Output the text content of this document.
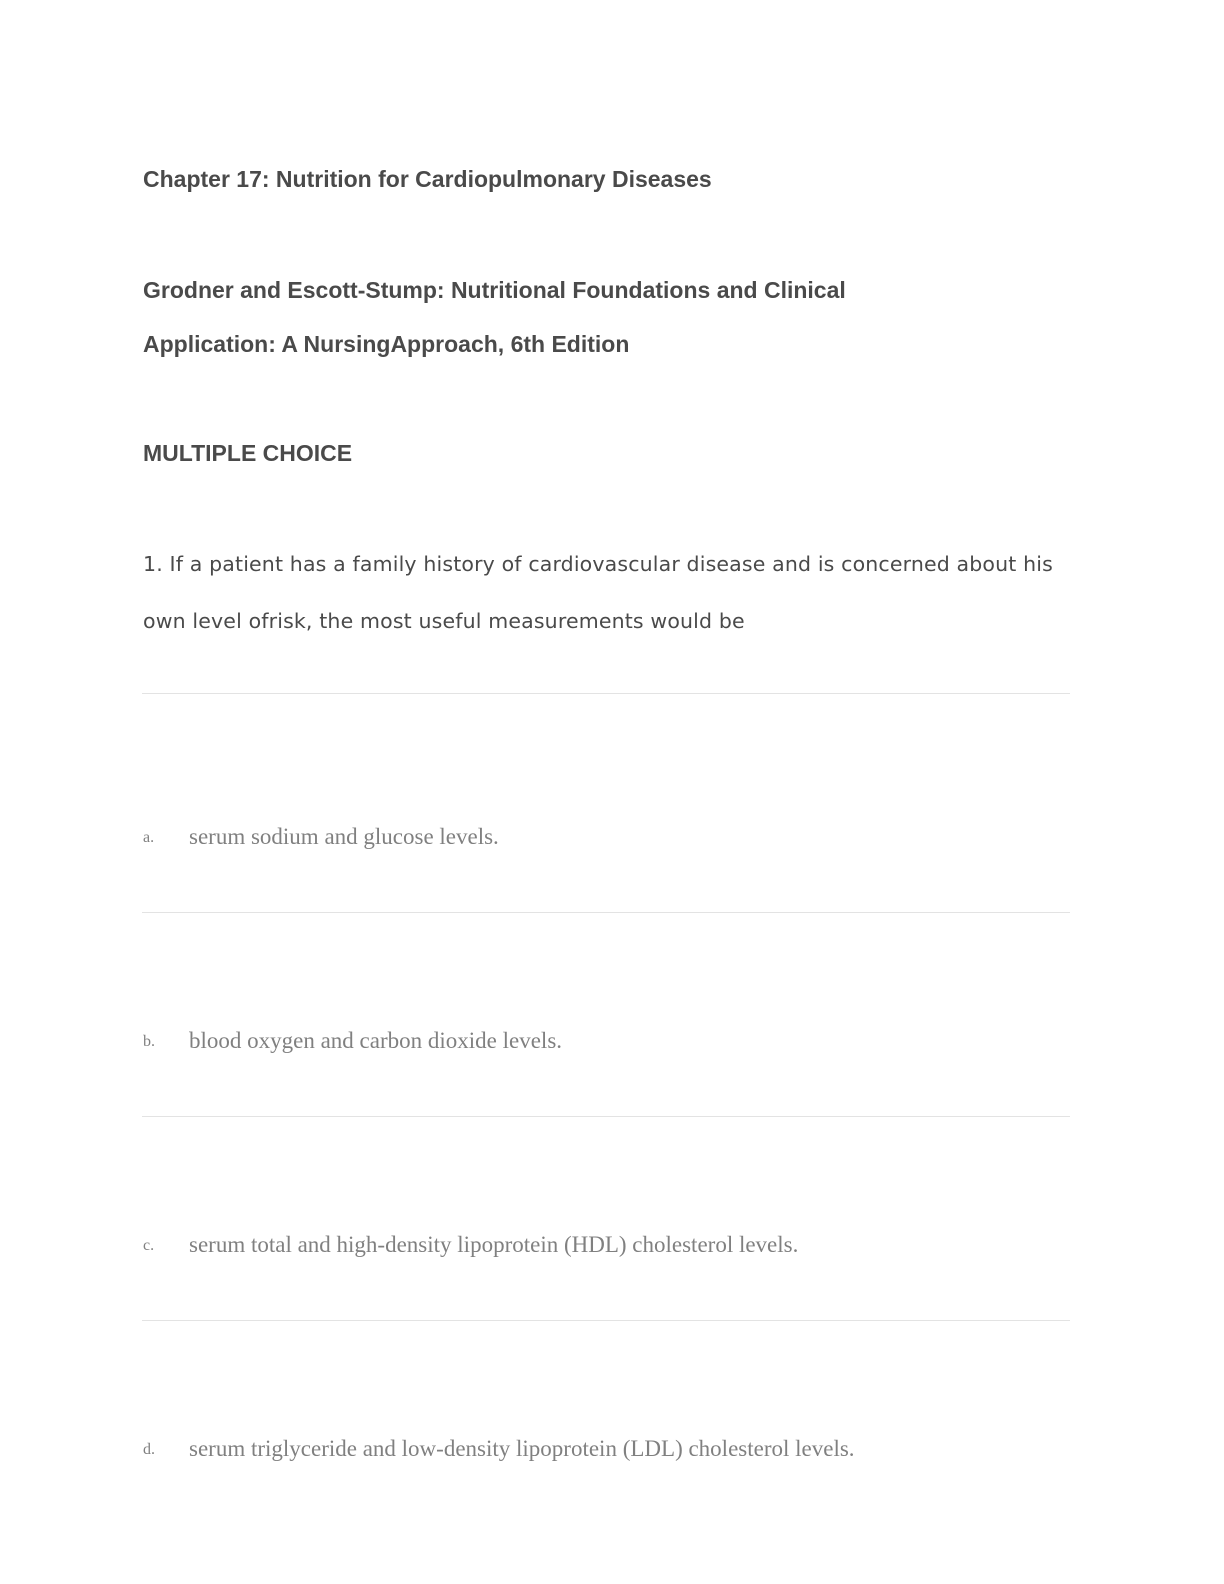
Chapter 17: Nutrition for Cardiopulmonary Diseases
Grodner and Escott-Stump: Nutritional Foundations and Clinical
Application: A NursingApproach, 6th Edition
MULTIPLE CHOICE

1. If a patient has a family history of cardiovascular disease and is concerned about his

own level ofrisk, the most useful measurements would be

a. serum sodium and glucose levels.
b. blood oxygen and carbon dioxide levels.
c. serum total and high-density lipoprotein (HDL) cholesterol levels.
d. serum triglyceride and low-density lipoprotein (LDL) cholesterol levels.
